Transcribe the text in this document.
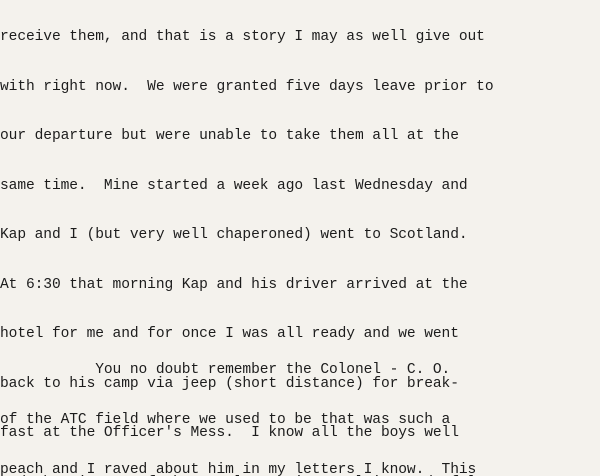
receive them, and that is a story I may as well give out

with right now.  We were granted five days leave prior to

our departure but were unable to take them all at the

same time.  Mine started a week ago last Wednesday and

Kap and I (but very well chaperoned) went to Scotland.

At 6:30 that morning Kap and his driver arrived at the

hotel for me and for once I was all ready and we went

back to his camp via jeep (short distance) for break-

fast at the Officer's Mess.  I know all the boys well

You no doubt remember the Colonel - C. O.

of the ATC field where we used to be that was such a

peach and I raved about him in my letters I know.  This
